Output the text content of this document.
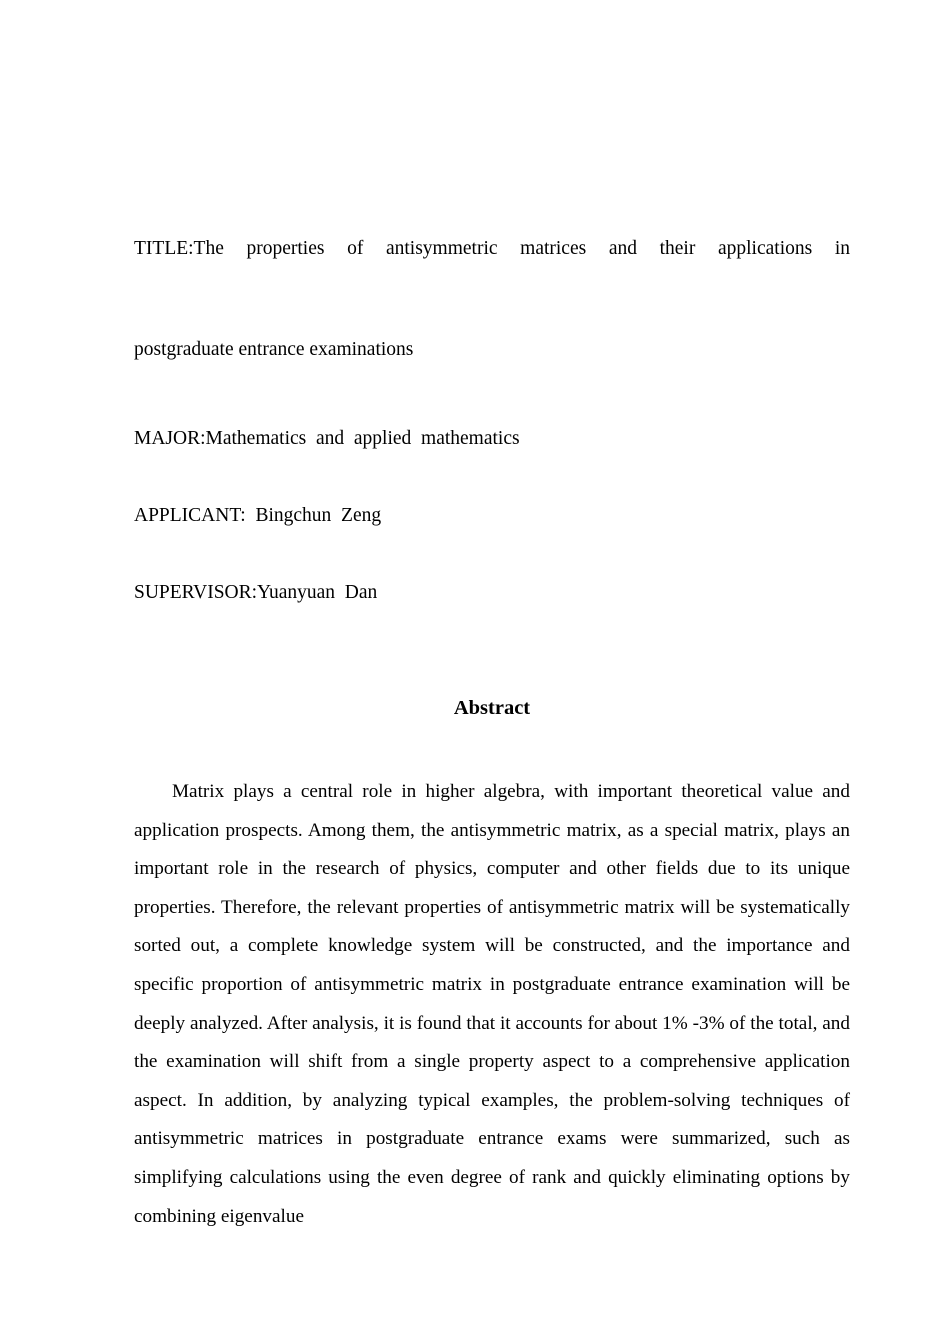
TITLE:The properties of antisymmetric matrices and their applications in
postgraduate entrance examinations
MAJOR:Mathematics  and  applied  mathematics
APPLICANT:  Bingchun  Zeng
SUPERVISOR:Yuanyuan  Dan
Abstract
Matrix plays a central role in higher algebra, with important theoretical value and application prospects. Among them, the antisymmetric matrix, as a special matrix, plays an important role in the research of physics, computer and other fields due to its unique properties. Therefore, the relevant properties of antisymmetric matrix will be systematically sorted out, a complete knowledge system will be constructed, and the importance and specific proportion of antisymmetric matrix in postgraduate entrance examination will be deeply analyzed. After analysis, it is found that it accounts for about 1% -3% of the total, and the examination will shift from a single property aspect to a comprehensive application aspect. In addition, by analyzing typical examples, the problem-solving techniques of antisymmetric matrices in postgraduate entrance exams were summarized, such as simplifying calculations using the even degree of rank and quickly eliminating options by combining eigenvalue
